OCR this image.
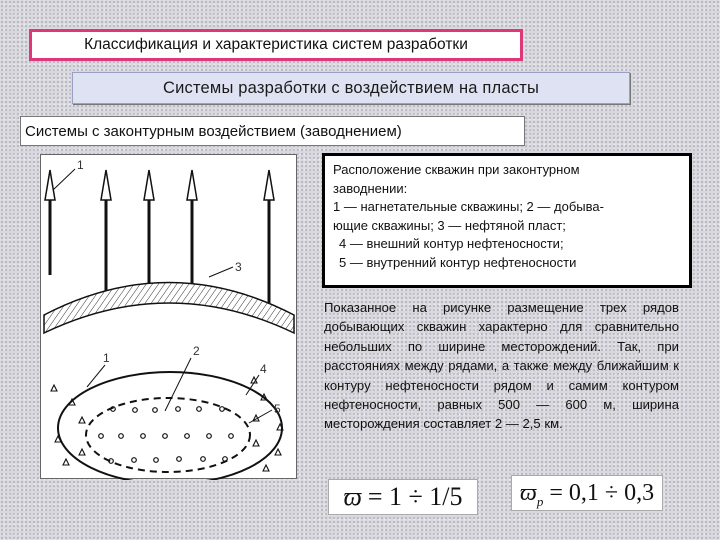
Классификация и характеристика систем разработки
Системы разработки с воздействием на пласты
Системы с законтурным воздействием (заводнением)
1
3
1	2
4
5
Расположение скважин при законтурном
заводнении:
1 — нагнетательные скважины; 2 — добыва-
ющие скважины; 3 — нефтяной пласт;
4 — внешний контур нефтеносности;
5 — внутренний контур нефтеносности
Показанное на рисунке размещение трех рядов добывающих скважин характерно для сравнительно небольших по ширине месторождений. Так, при расстояниях между рядами, а также между ближайшим к контуру нефтеносности рядом и самим контуром нефтеносности, равных 500 — 600 м, ширина месторождения составляет 2 — 2,5 км.
ϖ = 1 ÷ 1/5 ϖ р = 0,1 ÷ 0,3
